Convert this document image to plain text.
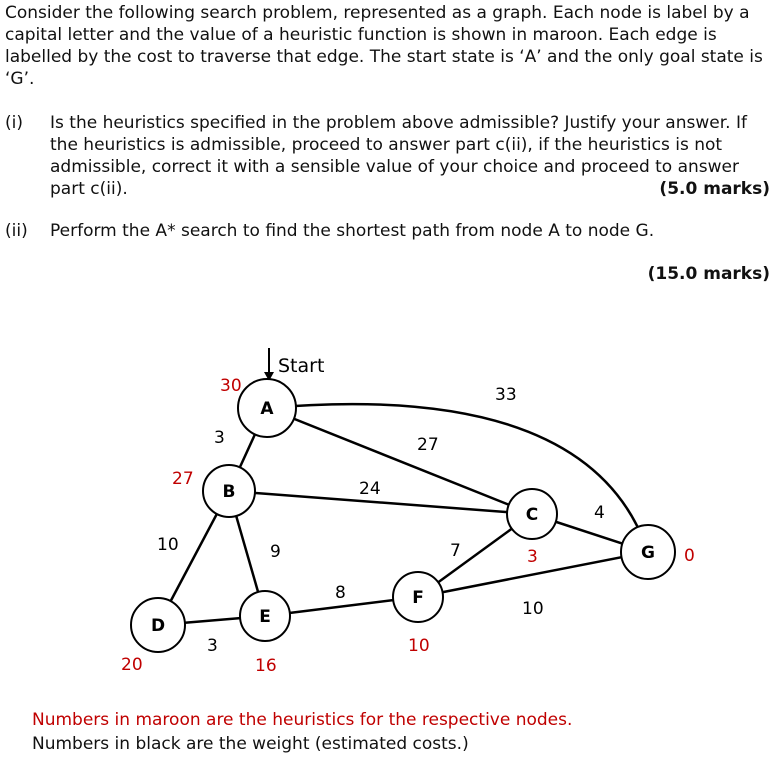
Consider the following search problem, represented as a graph. Each node is label by a capital letter and the value of a heuristic function is shown in maroon. Each edge is labelled by the cost to traverse that edge. The start state is ‘A’ and the only goal state is ‘G’.

(i) Is the heuristics specified in the problem above admissible? Justify your answer. If the heuristics is admissible, proceed to answer part c(ii), if the heuristics is not admissible, correct it with a sensible value of your choice and proceed to answer part c(ii).	(5.0 marks)
(ii) Perform the A* search to find the shortest path from node A to node G.
(15.0 marks)
Start
A
B
C
D	E
F
G
30
27
3
20	16
10
0
3	27
33
24
10	9
4
7
3
8
10
Numbers in maroon are the heuristics for the respective nodes.
Numbers in black are the weight (estimated costs.)
